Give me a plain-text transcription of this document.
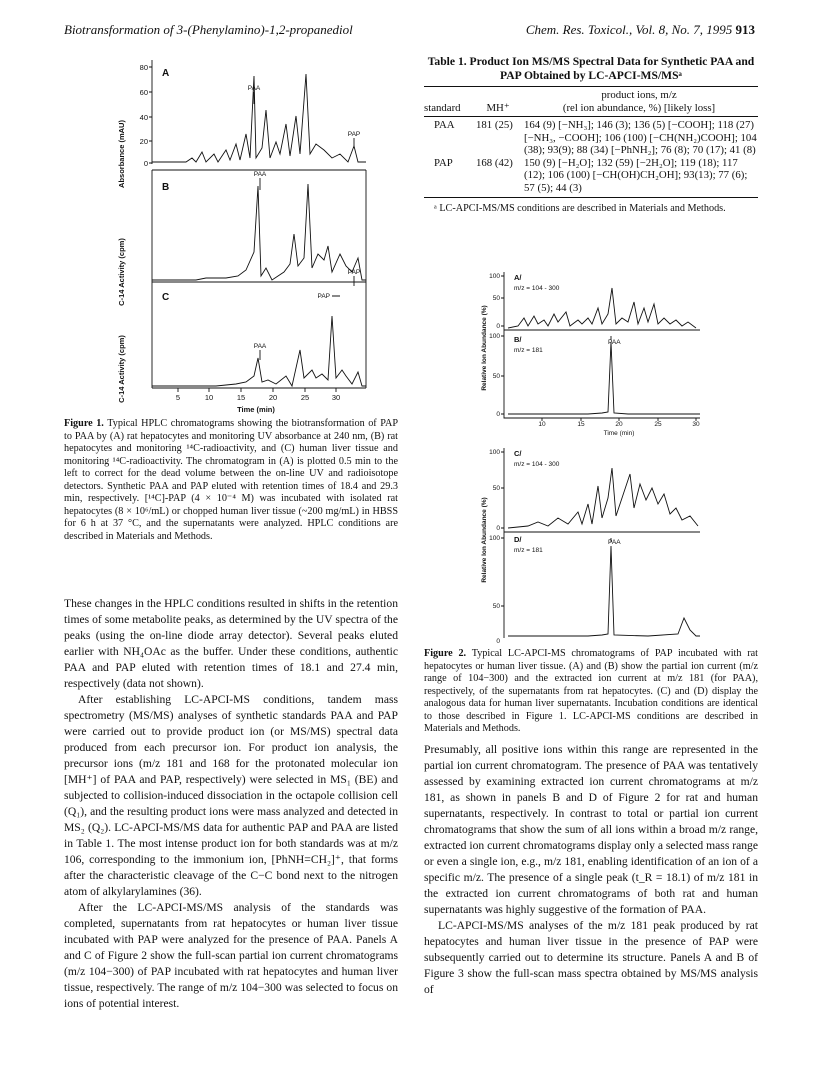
Biotransformation of 3-(Phenylamino)-1,2-propanediol	Chem. Res. Toxicol., Vol. 8, No. 7, 1995 913
Absorbance (mAU)
C-14 Activity (cpm)
C-14 Activity (cpm)
80
60
40
20
0
A
B
C
PAA
PAP
PAA
PAP
PAP
PAA
5	10	15	20	25	30
Time (min)
Figure 1. Typical HPLC chromatograms showing the biotransformation of PAP to PAA by (A) rat hepatocytes and monitoring UV absorbance at 240 nm, (B) rat hepatocytes and monitoring ¹⁴C-radioactivity, and (C) human liver tissue and monitoring ¹⁴C-radioactivity. The chromatogram in (A) is plotted 0.5 min to the left to correct for the dead volume between the on-line UV and radioisotope detectors. Synthetic PAA and PAP eluted with retention times of 18.4 and 29.3 min, respectively. [¹⁴C]-PAP (4 × 10⁻⁴ M) was incubated with isolated rat hepatocytes (8 × 10⁶/mL) or chopped human liver tissue (~200 mg/mL) in HBSS for 6 h at 37 °C, and the supernatants were analyzed. HPLC conditions are described in Materials and Methods.

These changes in the HPLC conditions resulted in shifts in the retention times of some metabolite peaks, as determined by the UV spectra of the peaks (using the on-line diode array detector). Several peaks eluted earlier with NH₄OAc as the buffer. Under these conditions, authentic PAA and PAP eluted with retention times of 18.1 and 27.4 min, respectively (data not shown).

After establishing LC-APCI-MS conditions, tandem mass spectrometry (MS/MS) analyses of synthetic standards PAA and PAP were carried out to provide product ion (or MS/MS) spectral data produced from each precursor ion. For product ion analysis, the precursor ions (m/z 181 and 168 for the protonated molecular ion [MH⁺] of PAA and PAP, respectively) were selected in MS₁ (BE) and subjected to collision-induced dissociation in the octapole collision cell (Q₁), and the resulting product ions were mass analyzed and detected in MS₂ (Q₂). LC-APCI-MS/MS data for authentic PAP and PAA are listed in Table 1. The most intense product ion for both standards was at m/z 106, corresponding to the immonium ion, [PhNH=CH₂]⁺, that forms after the characteristic cleavage of the C−C bond next to the nitrogen atom of alkylarylamines (36).

After the LC-APCI-MS/MS analysis of the standards was completed, supernatants from rat hepatocytes or human liver tissue incubated with PAP were analyzed for the presence of PAA. Panels A and C of Figure 2 show the full-scan partial ion current chromatograms (m/z 104−300) of PAP incubated with rat hepatocytes and human liver tissue, respectively. The range of m/z 104−300 was selected to focus on ions of potential interest.

Table 1. Product Ion MS/MS Spectral Data for Synthetic PAA and PAP Obtained by LC-APCI-MS/MSᵃ
product ions, m/z
standard	MH⁺	(rel ion abundance, %) [likely loss]
PAA	181 (25)	164 (9) [−NH₃]; 146 (3); 136 (5) [−COOH]; 118 (27) [−NH₃, −COOH]; 106 (100) [−CH(NH₂)COOH]; 104 (38); 93(9); 88 (34) [−PhNH₂]; 76 (8); 70 (17); 41 (8)
PAP	168 (42)	150 (9) [−H₂O]; 132 (59) [−2H₂O]; 119 (18); 117 (12); 106 (100) [−CH(OH)CH₂OH]; 93(13); 77 (6); 57 (5); 44 (3)
ᵃ LC-APCI-MS/MS conditions are described in Materials and Methods.
Relative Ion Abundance (%)
Relative Ion Abundance (%)
100
50
0
100
50
0
100
50
0
100
50
0
A/
m/z = 104 - 300
B/
m/z = 181
PAA
C/
m/z = 104 - 300
D/
m/z = 181
PAA
10	15	20	25	30
Time (min)
Figure 2. Typical LC-APCI-MS chromatograms of PAP incubated with rat hepatocytes or human liver tissue. (A) and (B) show the partial ion current (m/z range of 104−300) and the extracted ion current at m/z 181 (for PAA), respectively, of the supernatants from rat hepatocytes. (C) and (D) display the analogous data for human liver supernatants. Incubation conditions are identical to those described in Figure 1. LC-APCI-MS conditions are described in Materials and Methods.

Presumably, all positive ions within this range are represented in the partial ion current chromatogram. The presence of PAA was tentatively assessed by examining extracted ion current chromatograms at m/z 181, as shown in panels B and D of Figure 2 for rat and human supernatants, respectively. In contrast to total or partial ion current chromatograms that show the sum of all ions within a broad m/z range, extracted ion current chromatograms display only a selected mass range or even a single ion, e.g., m/z 181, enabling identification of an ion of a specific m/z. The presence of a single peak (t_R = 18.1) of m/z 181 in the extracted ion current chromatograms of both rat and human supernatants was highly suggestive of the formation of PAA.

LC-APCI-MS/MS analyses of the m/z 181 peak produced by rat hepatocytes and human liver tissue in the presence of PAP were subsequently carried out to determine its structure. Panels A and B of Figure 3 show the full-scan mass spectra obtained by MS/MS analysis of
